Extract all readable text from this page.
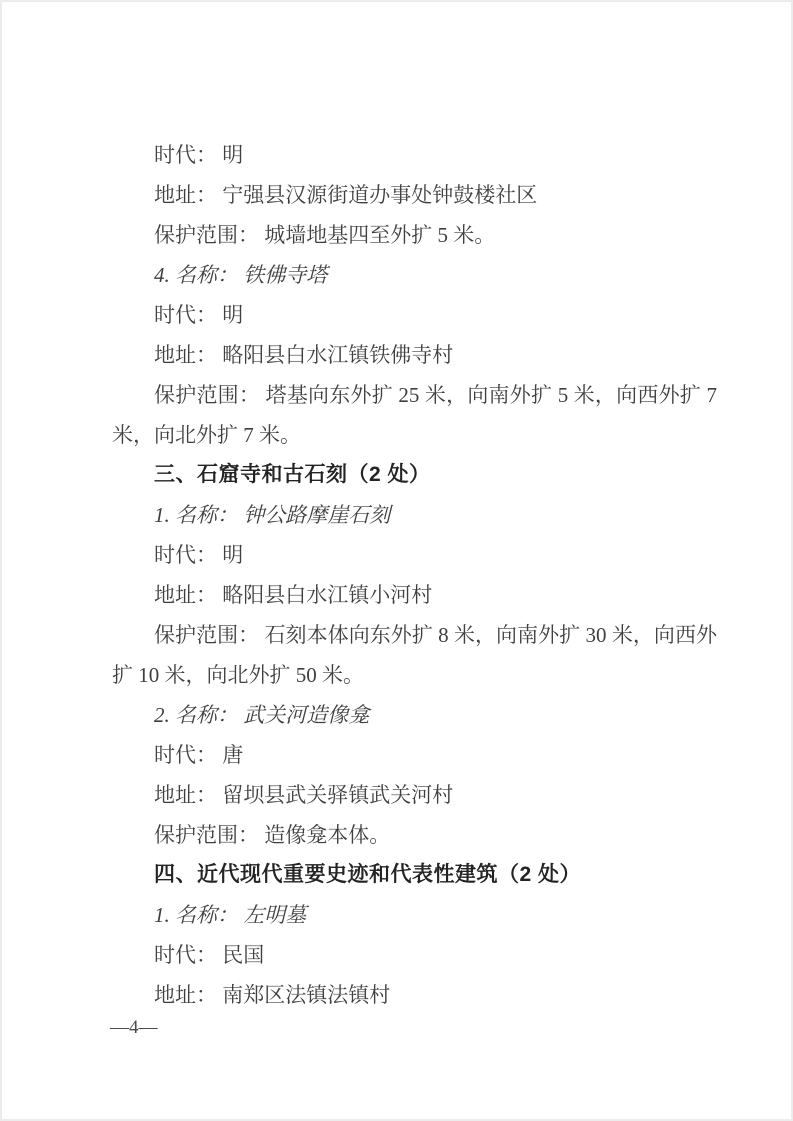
时代： 明

地址： 宁强县汉源街道办事处钟鼓楼社区

保护范围： 城墙地基四至外扩 5 米。

4. 名称： 铁佛寺塔

时代： 明

地址： 略阳县白水江镇铁佛寺村

保护范围： 塔基向东外扩 25 米，向南外扩 5 米，向西外扩 7 米，向北外扩 7 米。

三、石窟寺和古石刻（2 处）

1. 名称： 钟公路摩崖石刻

时代： 明

地址： 略阳县白水江镇小河村

保护范围： 石刻本体向东外扩 8 米，向南外扩 30 米，向西外扩 10 米，向北外扩 50 米。

2. 名称： 武关河造像龛

时代： 唐

地址： 留坝县武关驿镇武关河村

保护范围： 造像龛本体。

四、近代现代重要史迹和代表性建筑（2 处）

1. 名称： 左明墓

时代： 民国

地址： 南郑区法镇法镇村

—4—
